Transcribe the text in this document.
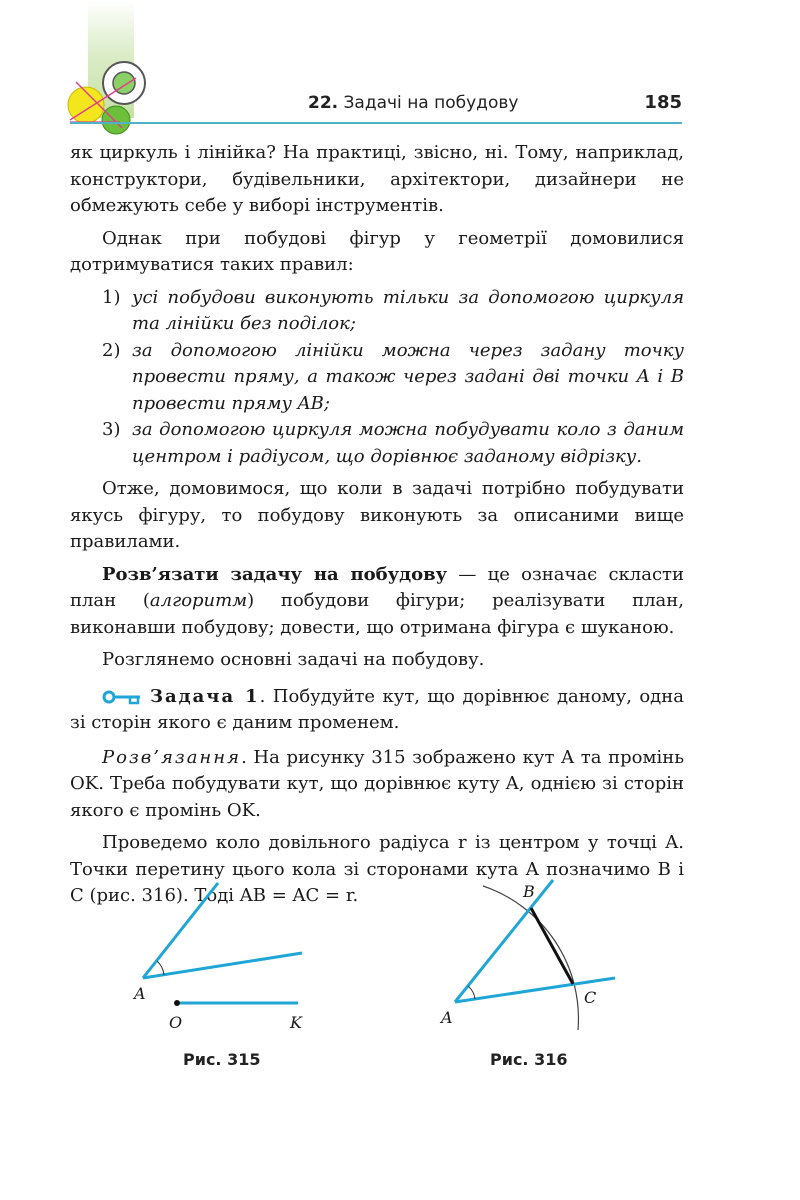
22. Задачі на побудову	185

як циркуль і лінійка? На практиці, звісно, ні. Тому, наприклад, конструктори, будівельники, архітектори, дизайнери не обмежують себе у виборі інструментів.

Однак при побудові фігур у геометрії домовилися дотримуватися таких правил:

1) усі побудови виконують тільки за допомогою циркуля та лінійки без поділок;
2) за допомогою лінійки можна через задану точку провести пряму, а також через задані дві точки A і B провести пряму AB;
3) за допомогою циркуля можна побудувати коло з даним центром і радіусом, що дорівнює заданому відрізку.

Отже, домовимося, що коли в задачі потрібно побудувати якусь фігуру, то побудову виконують за описаними вище правилами.

Розв’язати задачу на побудову — це означає скласти план (алгоритм) побудови фігури; реалізувати план, виконавши побудову; довести, що отримана фігура є шуканою.

Розглянемо основні задачі на побудову.

Задача 1. Побудуйте кут, що дорівнює даному, одна зі сторін якого є даним променем.

Розв’язання. На рисунку 315 зображено кут A та промінь OK. Треба побудувати кут, що дорівнює куту A, однією зі сторін якого є промінь OK.

Проведемо коло довільного радіуса r із центром у точці A. Точки перетину цього кола зі сторонами кута A позначимо B і C (рис. 316). Тоді AB = AC = r.

A
O	K
Рис. 315
B
C
A
Рис. 316
